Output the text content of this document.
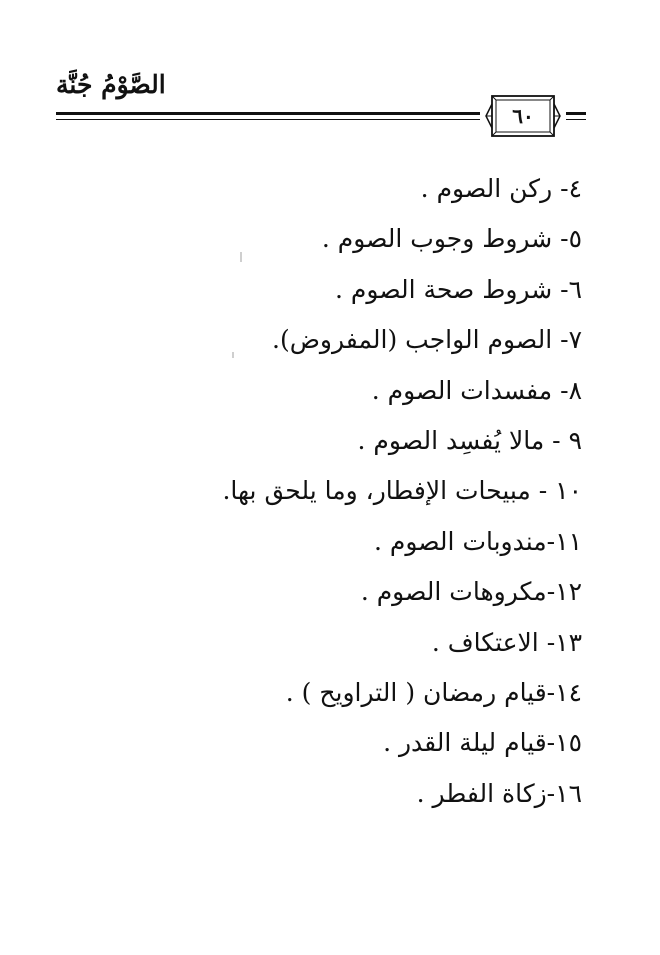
الصَّوْمُ جُنَّة
٦٠
٤- ركن الصوم .
٥- شروط وجوب الصوم .
٦- شروط صحة الصوم .
٧- الصوم الواجب (المفروض).
٨- مفسدات الصوم .
٩ - مالا يُفسِد الصوم .
١٠ - مبيحات الإفطار، وما يلحق بها.
١١-مندوبات الصوم .
١٢-مكروهات الصوم .
١٣- الاعتكاف .
١٤-قيام رمضان ( التراويح ) .
١٥-قيام ليلة القدر .
١٦-زكاة الفطر .
